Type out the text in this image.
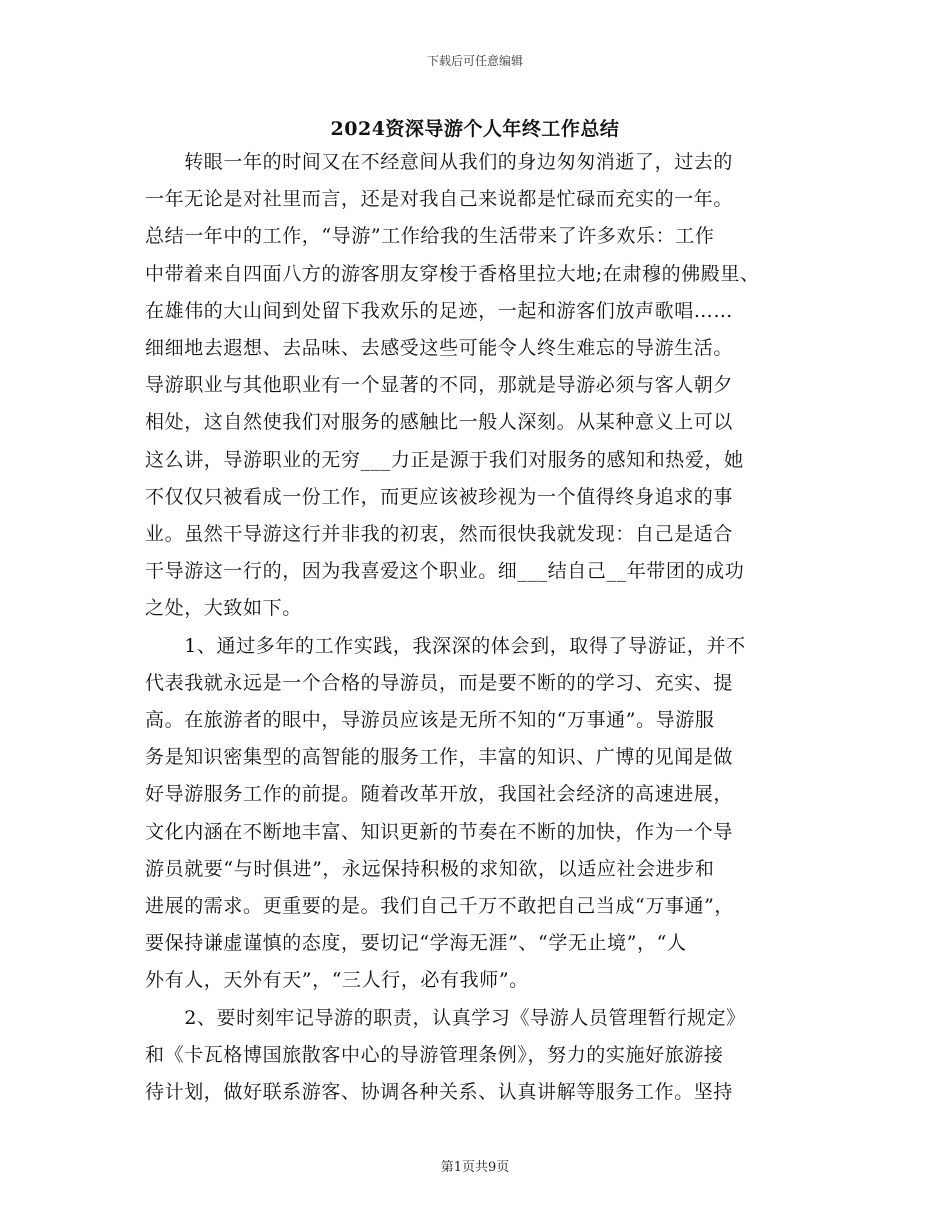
下载后可任意编辑
2024资深导游个人年终工作总结
　　转眼一年的时间又在不经意间从我们的身边匆匆消逝了，过去的
一年无论是对社里而言，还是对我自己来说都是忙碌而充实的一年。
总结一年中的工作，“导游”工作给我的生活带来了许多欢乐：工作
中带着来自四面八方的游客朋友穿梭于香格里拉大地;在肃穆的佛殿里、
在雄伟的大山间到处留下我欢乐的足迹，一起和游客们放声歌唱……
细细地去遐想、去品味、去感受这些可能令人终生难忘的导游生活。
导游职业与其他职业有一个显著的不同，那就是导游必须与客人朝夕
相处，这自然使我们对服务的感触比一般人深刻。从某种意义上可以
这么讲，导游职业的无穷___力正是源于我们对服务的感知和热爱，她
不仅仅只被看成一份工作，而更应该被珍视为一个值得终身追求的事
业。虽然干导游这行并非我的初衷，然而很快我就发现：自己是适合
干导游这一行的，因为我喜爱这个职业。细___结自己__年带团的成功
之处，大致如下。
　　1、通过多年的工作实践，我深深的体会到，取得了导游证，并不
代表我就永远是一个合格的导游员，而是要不断的的学习、充实、提
高。在旅游者的眼中，导游员应该是无所不知的“万事通”。导游服
务是知识密集型的高智能的服务工作，丰富的知识、广博的见闻是做
好导游服务工作的前提。随着改革开放，我国社会经济的高速进展，
文化内涵在不断地丰富、知识更新的节奏在不断的加快，作为一个导
游员就要“与时俱进”，永远保持积极的求知欲，以适应社会进步和
进展的需求。更重要的是。我们自己千万不敢把自己当成“万事通”，
要保持谦虚谨慎的态度，要切记“学海无涯”、“学无止境”，“人
外有人，天外有天”，“三人行，必有我师”。
　　2、要时刻牢记导游的职责，认真学习《导游人员管理暂行规定》
和《卡瓦格博国旅散客中心的导游管理条例》，努力的实施好旅游接
待计划，做好联系游客、协调各种关系、认真讲解等服务工作。坚持
第1页共9页
